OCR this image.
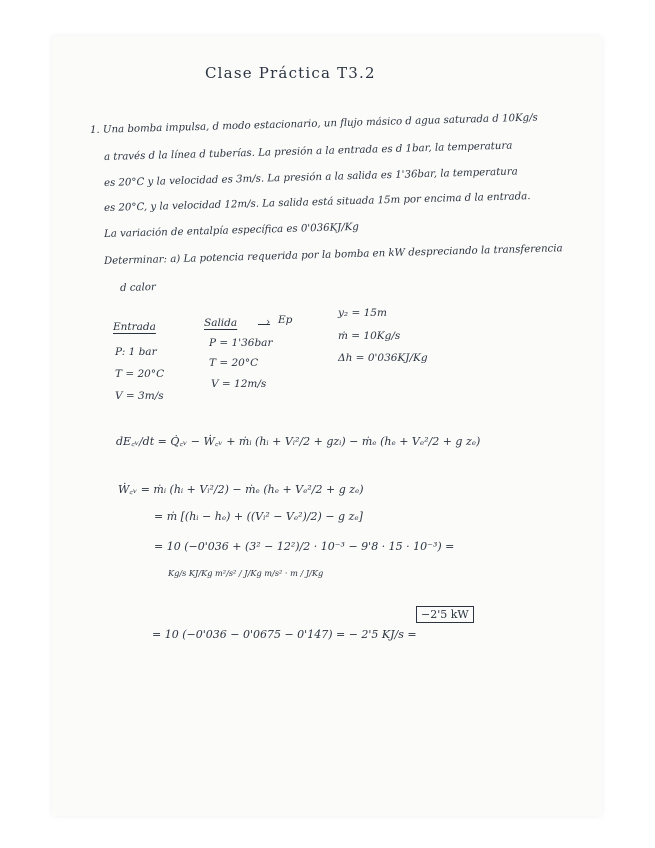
Clase Práctica T3.2
1. Una bomba impulsa, d modo estacionario, un flujo másico d agua saturada d 10Kg/s
a través d la línea d tuberías. La presión a la entrada es d 1bar, la temperatura
es 20°C y la velocidad es 3m/s. La presión a la salida es 1'36bar, la temperatura
es 20°C, y la velocidad 12m/s. La salida está situada 15m por encima d la entrada.
La variación de entalpía específica es 0'036KJ/Kg
Determinar: a) La potencia requerida por la bomba en kW despreciando la transferencia
d calor
Entrada
P: 1 bar
T = 20°C
V = 3m/s
Salida	› Ep
P = 1'36bar
T = 20°C
V = 12m/s
y₂ = 15m
ṁ = 10Kg/s
Δh = 0'036KJ/Kg
dE꜀ᵥ/dt = Q̇꜀ᵥ − Ẇ꜀ᵥ + ṁᵢ (hᵢ + Vᵢ²/2 + gzᵢ) − ṁₑ (hₑ + Vₑ²/2 + g zₑ)
Ẇ꜀ᵥ = ṁᵢ (hᵢ + Vᵢ²/2) − ṁₑ (hₑ + Vₑ²/2 + g zₑ)
= ṁ [(hᵢ − hₑ) + ((Vᵢ² − Vₑ²)/2) − g zₑ]
= 10 (−0'036 + (3² − 12²)/2 · 10⁻³ − 9'8 · 15 · 10⁻³) =
Kg/s KJ/Kg m²/s² / J/Kg m/s² · m / J/Kg
= 10 (−0'036 − 0'0675 − 0'147) = − 2'5 KJ/s =
−2'5 kW
